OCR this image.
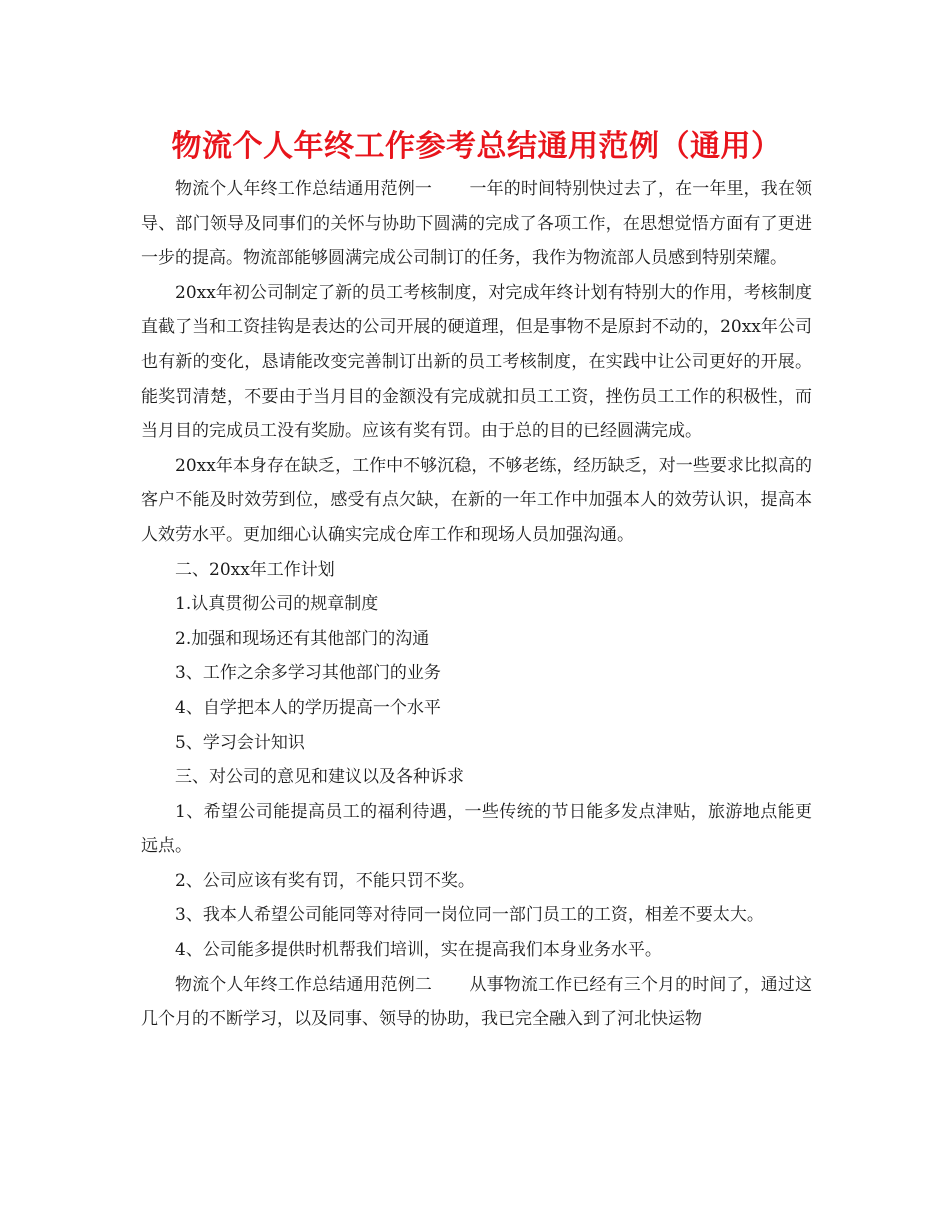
物流个人年终工作参考总结通用范例（通用）

物流个人年终工作总结通用范例一 一年的时间特别快过去了，在一年里，我在领导、部门领导及同事们的关怀与协助下圆满的完成了各项工作，在思想觉悟方面有了更进一步的提高。物流部能够圆满完成公司制订的任务，我作为物流部人员感到特别荣耀。

20xx年初公司制定了新的员工考核制度，对完成年终计划有特别大的作用，考核制度直截了当和工资挂钩是表达的公司开展的硬道理，但是事物不是原封不动的，20xx年公司也有新的变化，恳请能改变完善制订出新的员工考核制度，在实践中让公司更好的开展。能奖罚清楚，不要由于当月目的金额没有完成就扣员工工资，挫伤员工工作的积极性，而当月目的完成员工没有奖励。应该有奖有罚。由于总的目的已经圆满完成。

20xx年本身存在缺乏，工作中不够沉稳，不够老练，经历缺乏，对一些要求比拟高的客户不能及时效劳到位，感受有点欠缺，在新的一年工作中加强本人的效劳认识，提高本人效劳水平。更加细心认确实完成仓库工作和现场人员加强沟通。

二、20xx年工作计划

1.认真贯彻公司的规章制度

2.加强和现场还有其他部门的沟通

3、工作之余多学习其他部门的业务

4、自学把本人的学历提高一个水平

5、学习会计知识

三、对公司的意见和建议以及各种诉求

1、希望公司能提高员工的福利待遇，一些传统的节日能多发点津贴，旅游地点能更远点。

2、公司应该有奖有罚，不能只罚不奖。

3、我本人希望公司能同等对待同一岗位同一部门员工的工资，相差不要太大。

4、公司能多提供时机帮我们培训，实在提高我们本身业务水平。

物流个人年终工作总结通用范例二 从事物流工作已经有三个月的时间了，通过这几个月的不断学习，以及同事、领导的协助，我已完全融入到了河北快运物
